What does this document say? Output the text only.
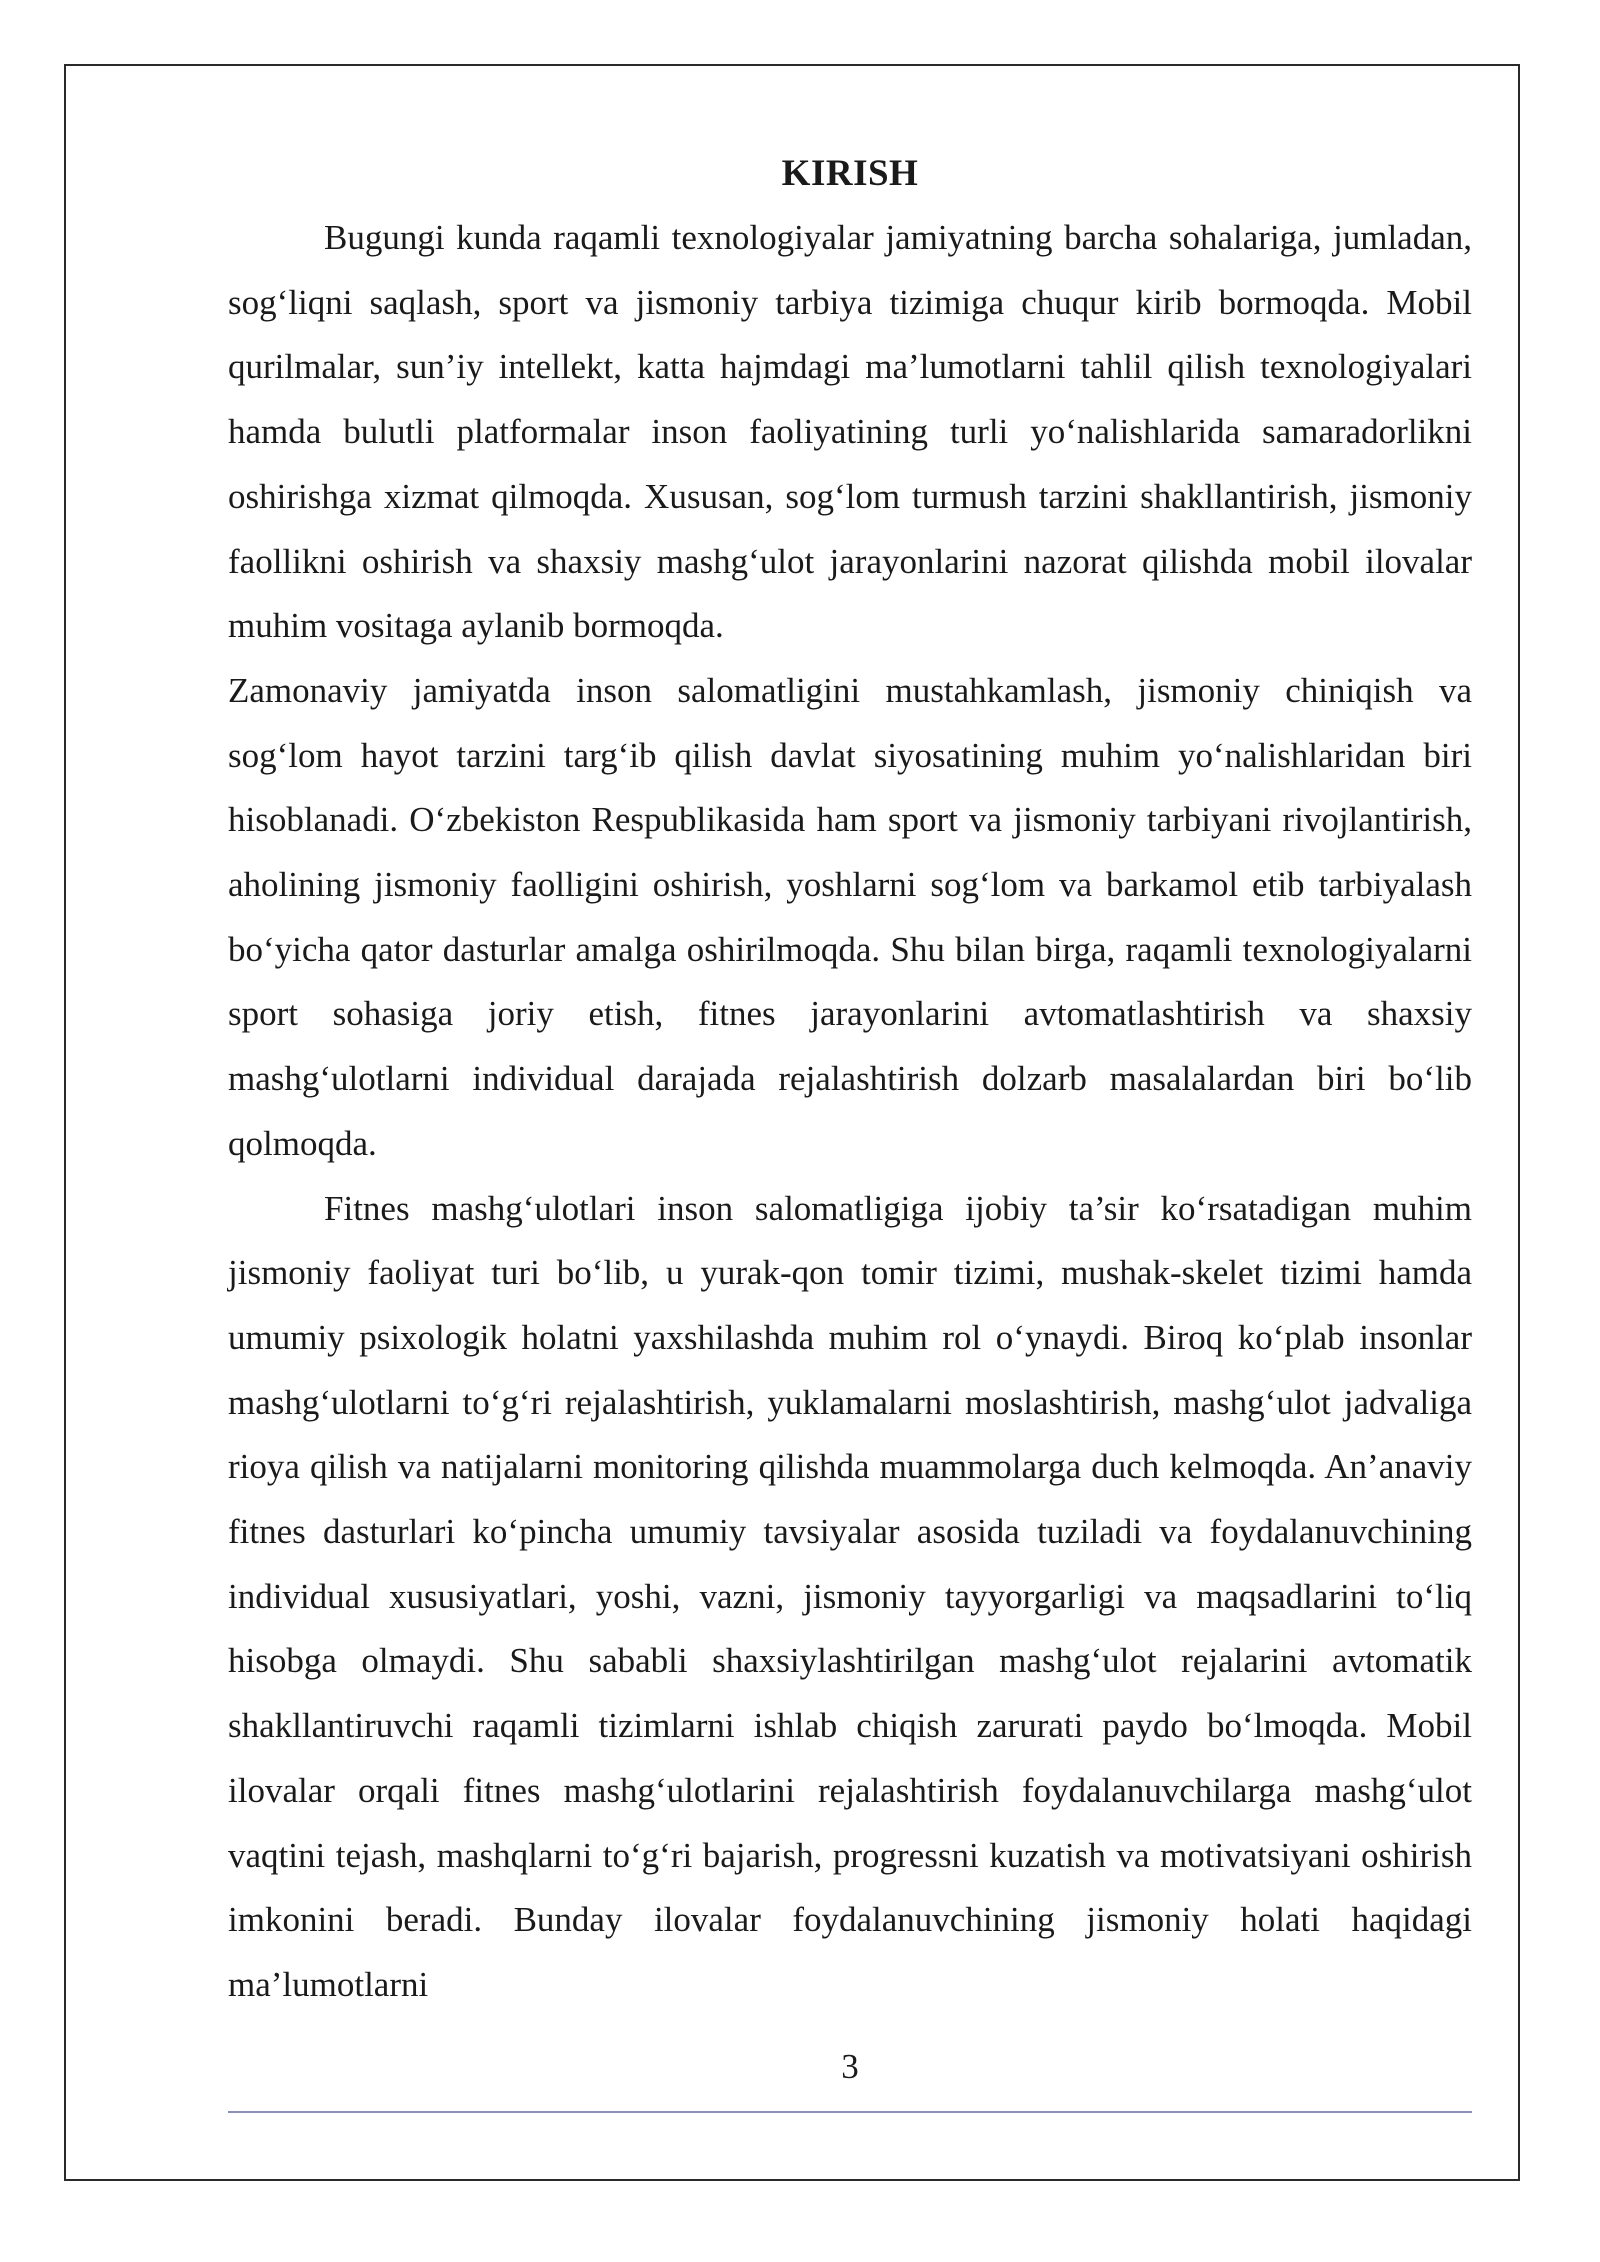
KIRISH

Bugungi kunda raqamli texnologiyalar jamiyatning barcha sohalariga, jumladan, sog‘liqni saqlash, sport va jismoniy tarbiya tizimiga chuqur kirib bormoqda. Mobil qurilmalar, sun’iy intellekt, katta hajmdagi ma’lumotlarni tahlil qilish texnologiyalari hamda bulutli platformalar inson faoliyatining turli yo‘nalishlarida samaradorlikni oshirishga xizmat qilmoqda. Xususan, sog‘lom turmush tarzini shakllantirish, jismoniy faollikni oshirish va shaxsiy mashg‘ulot jarayonlarini nazorat qilishda mobil ilovalar muhim vositaga aylanib bormoqda.

Zamonaviy jamiyatda inson salomatligini mustahkamlash, jismoniy chiniqish va sog‘lom hayot tarzini targ‘ib qilish davlat siyosatining muhim yo‘nalishlaridan biri hisoblanadi. O‘zbekiston Respublikasida ham sport va jismoniy tarbiyani rivojlantirish, aholining jismoniy faolligini oshirish, yoshlarni sog‘lom va barkamol etib tarbiyalash bo‘yicha qator dasturlar amalga oshirilmoqda. Shu bilan birga, raqamli texnologiyalarni sport sohasiga joriy etish, fitnes jarayonlarini avtomatlashtirish va shaxsiy mashg‘ulotlarni individual darajada rejalashtirish dolzarb masalalardan biri bo‘lib qolmoqda.

Fitnes mashg‘ulotlari inson salomatligiga ijobiy ta’sir ko‘rsatadigan muhim jismoniy faoliyat turi bo‘lib, u yurak-qon tomir tizimi, mushak-skelet tizimi hamda umumiy psixologik holatni yaxshilashda muhim rol o‘ynaydi. Biroq ko‘plab insonlar mashg‘ulotlarni to‘g‘ri rejalashtirish, yuklamalarni moslashtirish, mashg‘ulot jadvaliga rioya qilish va natijalarni monitoring qilishda muammolarga duch kelmoqda. An’anaviy fitnes dasturlari ko‘pincha umumiy tavsiyalar asosida tuziladi va foydalanuvchining individual xususiyatlari, yoshi, vazni, jismoniy tayyorgarligi va maqsadlarini to‘liq hisobga olmaydi. Shu sababli shaxsiylashtirilgan mashg‘ulot rejalarini avtomatik shakllantiruvchi raqamli tizimlarni ishlab chiqish zarurati paydo bo‘lmoqda. Mobil ilovalar orqali fitnes mashg‘ulotlarini rejalashtirish foydalanuvchilarga mashg‘ulot vaqtini tejash, mashqlarni to‘g‘ri bajarish, progressni kuzatish va motivatsiyani oshirish imkonini beradi. Bunday ilovalar foydalanuvchining jismoniy holati haqidagi ma’lumotlarni

3
